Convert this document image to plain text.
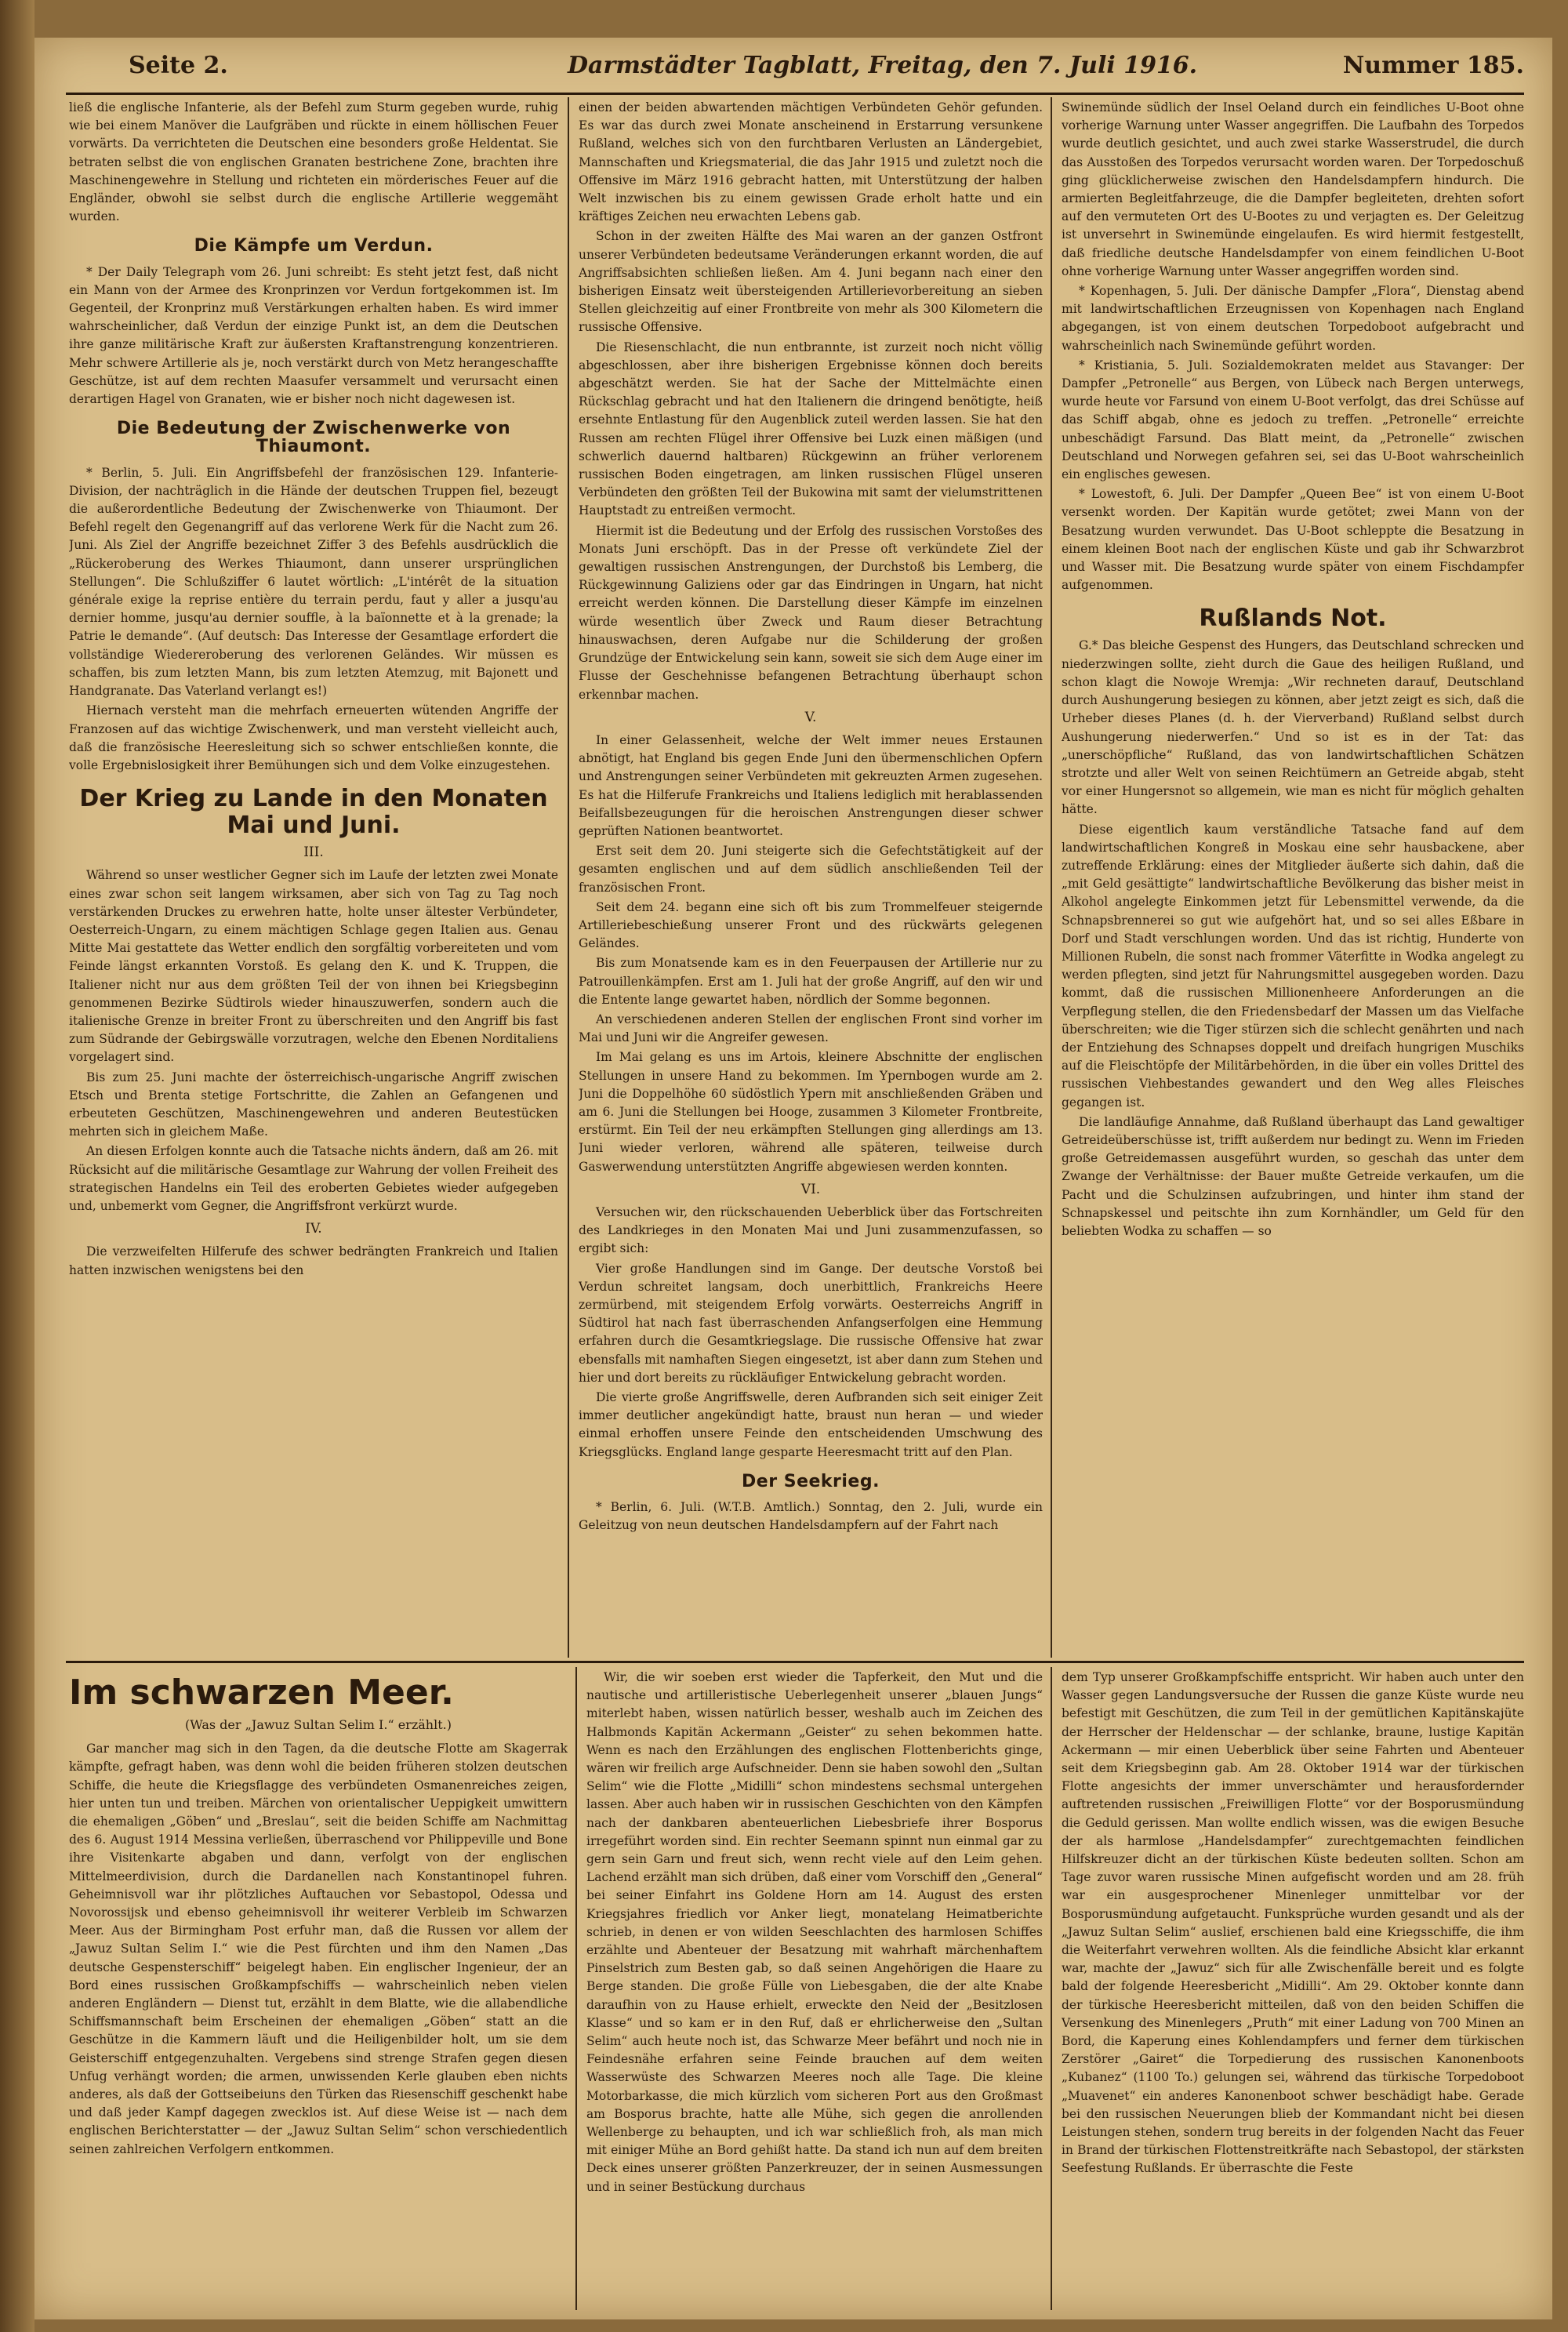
Seite 2.	Darmstädter Tagblatt, Freitag, den 7. Juli 1916.	Nummer 185.

ließ die englische Infanterie, als der Befehl zum Sturm gegeben wurde, ruhig wie bei einem Manöver die Laufgräben und rückte in einem höllischen Feuer vorwärts. Da verrichteten die Deutschen eine besonders große Heldentat. Sie betraten selbst die von englischen Granaten bestrichene Zone, brachten ihre Maschinengewehre in Stellung und richteten ein mörderisches Feuer auf die Engländer, obwohl sie selbst durch die englische Artillerie weggemäht wurden.

Die Kämpfe um Verdun.

* Der Daily Telegraph vom 26. Juni schreibt: Es steht jetzt fest, daß nicht ein Mann von der Armee des Kronprinzen vor Verdun fortgekommen ist. Im Gegenteil, der Kronprinz muß Verstärkungen erhalten haben. Es wird immer wahrscheinlicher, daß Verdun der einzige Punkt ist, an dem die Deutschen ihre ganze militärische Kraft zur äußersten Kraftanstrengung konzentrieren. Mehr schwere Artillerie als je, noch verstärkt durch von Metz herangeschaffte Geschütze, ist auf dem rechten Maasufer versammelt und verursacht einen derartigen Hagel von Granaten, wie er bisher noch nicht dagewesen ist.

Die Bedeutung der Zwischenwerke von Thiaumont.

* Berlin, 5. Juli. Ein Angriffsbefehl der französischen 129. Infanterie-Division, der nachträglich in die Hände der deutschen Truppen fiel, bezeugt die außerordentliche Bedeutung der Zwischenwerke von Thiaumont. Der Befehl regelt den Gegenangriff auf das verlorene Werk für die Nacht zum 26. Juni. Als Ziel der Angriffe bezeichnet Ziffer 3 des Befehls ausdrücklich die „Rückeroberung des Werkes Thiaumont, dann unserer ursprünglichen Stellungen“. Die Schlußziffer 6 lautet wörtlich: „L'intérêt de la situation générale exige la reprise entière du terrain perdu, faut y aller a jusqu'au dernier homme, jusqu'au dernier souffle, à la baïonnette et à la grenade; la Patrie le demande“. (Auf deutsch: Das Interesse der Gesamtlage erfordert die vollständige Wiedereroberung des verlorenen Geländes. Wir müssen es schaffen, bis zum letzten Mann, bis zum letzten Atemzug, mit Bajonett und Handgranate. Das Vaterland verlangt es!)

Hiernach versteht man die mehrfach erneuerten wütenden Angriffe der Franzosen auf das wichtige Zwischenwerk, und man versteht vielleicht auch, daß die französische Heeresleitung sich so schwer entschließen konnte, die volle Ergebnislosigkeit ihrer Bemühungen sich und dem Volke einzugestehen.

Der Krieg zu Lande in den Monaten Mai und Juni.
III.

Während so unser westlicher Gegner sich im Laufe der letzten zwei Monate eines zwar schon seit langem wirksamen, aber sich von Tag zu Tag noch verstärkenden Druckes zu erwehren hatte, holte unser ältester Verbündeter, Oesterreich-Ungarn, zu einem mächtigen Schlage gegen Italien aus. Genau Mitte Mai gestattete das Wetter endlich den sorgfältig vorbereiteten und vom Feinde längst erkannten Vorstoß. Es gelang den K. und K. Truppen, die Italiener nicht nur aus dem größten Teil der von ihnen bei Kriegsbeginn genommenen Bezirke Südtirols wieder hinauszuwerfen, sondern auch die italienische Grenze in breiter Front zu überschreiten und den Angriff bis fast zum Südrande der Gebirgswälle vorzutragen, welche den Ebenen Norditaliens vorgelagert sind.

Bis zum 25. Juni machte der österreichisch-ungarische Angriff zwischen Etsch und Brenta stetige Fortschritte, die Zahlen an Gefangenen und erbeuteten Geschützen, Maschinengewehren und anderen Beutestücken mehrten sich in gleichem Maße.

An diesen Erfolgen konnte auch die Tatsache nichts ändern, daß am 26. mit Rücksicht auf die militärische Gesamtlage zur Wahrung der vollen Freiheit des strategischen Handelns ein Teil des eroberten Gebietes wieder aufgegeben und, unbemerkt vom Gegner, die Angriffsfront verkürzt wurde.

IV.

Die verzweifelten Hilferufe des schwer bedrängten Frankreich und Italien hatten inzwischen wenigstens bei den

einen der beiden abwartenden mächtigen Verbündeten Gehör gefunden. Es war das durch zwei Monate anscheinend in Erstarrung versunkene Rußland, welches sich von den furchtbaren Verlusten an Ländergebiet, Mannschaften und Kriegsmaterial, die das Jahr 1915 und zuletzt noch die Offensive im März 1916 gebracht hatten, mit Unterstützung der halben Welt inzwischen bis zu einem gewissen Grade erholt hatte und ein kräftiges Zeichen neu erwachten Lebens gab.

Schon in der zweiten Hälfte des Mai waren an der ganzen Ostfront unserer Verbündeten bedeutsame Veränderungen erkannt worden, die auf Angriffsabsichten schließen ließen. Am 4. Juni begann nach einer den bisherigen Einsatz weit übersteigenden Artillerievorbereitung an sieben Stellen gleichzeitig auf einer Frontbreite von mehr als 300 Kilometern die russische Offensive.

Die Riesenschlacht, die nun entbrannte, ist zurzeit noch nicht völlig abgeschlossen, aber ihre bisherigen Ergebnisse können doch bereits abgeschätzt werden. Sie hat der Sache der Mittelmächte einen Rückschlag gebracht und hat den Italienern die dringend benötigte, heiß ersehnte Entlastung für den Augenblick zuteil werden lassen. Sie hat den Russen am rechten Flügel ihrer Offensive bei Luzk einen mäßigen (und schwerlich dauernd haltbaren) Rückgewinn an früher verlorenem russischen Boden eingetragen, am linken russischen Flügel unseren Verbündeten den größten Teil der Bukowina mit samt der vielumstrittenen Hauptstadt zu entreißen vermocht.

Hiermit ist die Bedeutung und der Erfolg des russischen Vorstoßes des Monats Juni erschöpft. Das in der Presse oft verkündete Ziel der gewaltigen russischen Anstrengungen, der Durchstoß bis Lemberg, die Rückgewinnung Galiziens oder gar das Eindringen in Ungarn, hat nicht erreicht werden können. Die Darstellung dieser Kämpfe im einzelnen würde wesentlich über Zweck und Raum dieser Betrachtung hinauswachsen, deren Aufgabe nur die Schilderung der großen Grundzüge der Entwickelung sein kann, soweit sie sich dem Auge einer im Flusse der Geschehnisse befangenen Betrachtung überhaupt schon erkennbar machen.

V.

In einer Gelassenheit, welche der Welt immer neues Erstaunen abnötigt, hat England bis gegen Ende Juni den übermenschlichen Opfern und Anstrengungen seiner Verbündeten mit gekreuzten Armen zugesehen. Es hat die Hilferufe Frankreichs und Italiens lediglich mit herablassenden Beifallsbezeugungen für die heroischen Anstrengungen dieser schwer geprüften Nationen beantwortet.

Erst seit dem 20. Juni steigerte sich die Gefechtstätigkeit auf der gesamten englischen und auf dem südlich anschließenden Teil der französischen Front.

Seit dem 24. begann eine sich oft bis zum Trommelfeuer steigernde Artilleriebeschießung unserer Front und des rückwärts gelegenen Geländes.

Bis zum Monatsende kam es in den Feuerpausen der Artillerie nur zu Patrouillenkämpfen. Erst am 1. Juli hat der große Angriff, auf den wir und die Entente lange gewartet haben, nördlich der Somme begonnen.

An verschiedenen anderen Stellen der englischen Front sind vorher im Mai und Juni wir die Angreifer gewesen.

Im Mai gelang es uns im Artois, kleinere Abschnitte der englischen Stellungen in unsere Hand zu bekommen. Im Ypernbogen wurde am 2. Juni die Doppelhöhe 60 südöstlich Ypern mit anschließenden Gräben und am 6. Juni die Stellungen bei Hooge, zusammen 3 Kilometer Frontbreite, erstürmt. Ein Teil der neu erkämpften Stellungen ging allerdings am 13. Juni wieder verloren, während alle späteren, teilweise durch Gaswerwendung unterstützten Angriffe abgewiesen werden konnten.

VI.

Versuchen wir, den rückschauenden Ueberblick über das Fortschreiten des Landkrieges in den Monaten Mai und Juni zusammenzufassen, so ergibt sich:

Vier große Handlungen sind im Gange. Der deutsche Vorstoß bei Verdun schreitet langsam, doch unerbittlich, Frankreichs Heere zermürbend, mit steigendem Erfolg vorwärts. Oesterreichs Angriff in Südtirol hat nach fast überraschenden Anfangserfolgen eine Hemmung erfahren durch die Gesamtkriegslage. Die russische Offensive hat zwar ebensfalls mit namhaften Siegen eingesetzt, ist aber dann zum Stehen und hier und dort bereits zu rückläufiger Entwickelung gebracht worden.

Die vierte große Angriffswelle, deren Aufbranden sich seit einiger Zeit immer deutlicher angekündigt hatte, braust nun heran — und wieder einmal erhoffen unsere Feinde den entscheidenden Umschwung des Kriegsglücks. England lange gesparte Heeresmacht tritt auf den Plan.

Der Seekrieg.

* Berlin, 6. Juli. (W.T.B. Amtlich.) Sonntag, den 2. Juli, wurde ein Geleitzug von neun deutschen Handelsdampfern auf der Fahrt nach

Swinemünde südlich der Insel Oeland durch ein feindliches U-Boot ohne vorherige Warnung unter Wasser angegriffen. Die Laufbahn des Torpedos wurde deutlich gesichtet, und auch zwei starke Wasserstrudel, die durch das Ausstoßen des Torpedos verursacht worden waren. Der Torpedoschuß ging glücklicherweise zwischen den Handelsdampfern hindurch. Die armierten Begleitfahrzeuge, die die Dampfer begleiteten, drehten sofort auf den vermuteten Ort des U-Bootes zu und verjagten es. Der Geleitzug ist unversehrt in Swinemünde eingelaufen. Es wird hiermit festgestellt, daß friedliche deutsche Handelsdampfer von einem feindlichen U-Boot ohne vorherige Warnung unter Wasser angegriffen worden sind.

* Kopenhagen, 5. Juli. Der dänische Dampfer „Flora“, Dienstag abend mit landwirtschaftlichen Erzeugnissen von Kopenhagen nach England abgegangen, ist von einem deutschen Torpedoboot aufgebracht und wahrscheinlich nach Swinemünde geführt worden.

* Kristiania, 5. Juli. Sozialdemokraten meldet aus Stavanger: Der Dampfer „Petronelle“ aus Bergen, von Lübeck nach Bergen unterwegs, wurde heute vor Farsund von einem U-Boot verfolgt, das drei Schüsse auf das Schiff abgab, ohne es jedoch zu treffen. „Petronelle“ erreichte unbeschädigt Farsund. Das Blatt meint, da „Petronelle“ zwischen Deutschland und Norwegen gefahren sei, sei das U-Boot wahrscheinlich ein englisches gewesen.

* Lowestoft, 6. Juli. Der Dampfer „Queen Bee“ ist von einem U-Boot versenkt worden. Der Kapitän wurde getötet; zwei Mann von der Besatzung wurden verwundet. Das U-Boot schleppte die Besatzung in einem kleinen Boot nach der englischen Küste und gab ihr Schwarzbrot und Wasser mit. Die Besatzung wurde später von einem Fischdampfer aufgenommen.

Rußlands Not.

G.* Das bleiche Gespenst des Hungers, das Deutschland schrecken und niederzwingen sollte, zieht durch die Gaue des heiligen Rußland, und schon klagt die Nowoje Wremja: „Wir rechneten darauf, Deutschland durch Aushungerung besiegen zu können, aber jetzt zeigt es sich, daß die Urheber dieses Planes (d. h. der Vierverband) Rußland selbst durch Aushungerung niederwerfen.“ Und so ist es in der Tat: das „unerschöpfliche“ Rußland, das von landwirtschaftlichen Schätzen strotzte und aller Welt von seinen Reichtümern an Getreide abgab, steht vor einer Hungersnot so allgemein, wie man es nicht für möglich gehalten hätte.

Diese eigentlich kaum verständliche Tatsache fand auf dem landwirtschaftlichen Kongreß in Moskau eine sehr hausbackene, aber zutreffende Erklärung: eines der Mitglieder äußerte sich dahin, daß die „mit Geld gesättigte“ landwirtschaftliche Bevölkerung das bisher meist in Alkohol angelegte Einkommen jetzt für Lebensmittel verwende, da die Schnapsbrennerei so gut wie aufgehört hat, und so sei alles Eßbare in Dorf und Stadt verschlungen worden. Und das ist richtig, Hunderte von Millionen Rubeln, die sonst nach frommer Väterfitte in Wodka angelegt zu werden pflegten, sind jetzt für Nahrungsmittel ausgegeben worden. Dazu kommt, daß die russischen Millionenheere Anforderungen an die Verpflegung stellen, die den Friedensbedarf der Massen um das Vielfache überschreiten; wie die Tiger stürzen sich die schlecht genährten und nach der Entziehung des Schnapses doppelt und dreifach hungrigen Muschiks auf die Fleischtöpfe der Militärbehörden, in die über ein volles Drittel des russischen Viehbestandes gewandert und den Weg alles Fleisches gegangen ist.

Die landläufige Annahme, daß Rußland überhaupt das Land gewaltiger Getreideüberschüsse ist, trifft außerdem nur bedingt zu. Wenn im Frieden große Getreidemassen ausgeführt wurden, so geschah das unter dem Zwange der Verhältnisse: der Bauer mußte Getreide verkaufen, um die Pacht und die Schulzinsen aufzubringen, und hinter ihm stand der Schnapskessel und peitschte ihn zum Kornhändler, um Geld für den beliebten Wodka zu schaffen — so

Im schwarzen Meer.
(Was der „Jawuz Sultan Selim I.“ erzählt.)

Gar mancher mag sich in den Tagen, da die deutsche Flotte am Skagerrak kämpfte, gefragt haben, was denn wohl die beiden früheren stolzen deutschen Schiffe, die heute die Kriegsflagge des verbündeten Osmanenreiches zeigen, hier unten tun und treiben. Märchen von orientalischer Ueppigkeit umwittern die ehemaligen „Göben“ und „Breslau“, seit die beiden Schiffe am Nachmittag des 6. August 1914 Messina verließen, überraschend vor Philippeville und Bone ihre Visitenkarte abgaben und dann, verfolgt von der englischen Mittelmeerdivision, durch die Dardanellen nach Konstantinopel fuhren. Geheimnisvoll war ihr plötzliches Auftauchen vor Sebastopol, Odessa und Novorossijsk und ebenso geheimnisvoll ihr weiterer Verbleib im Schwarzen Meer. Aus der Birmingham Post erfuhr man, daß die Russen vor allem der „Jawuz Sultan Selim I.“ wie die Pest fürchten und ihm den Namen „Das deutsche Gespensterschiff“ beigelegt haben. Ein englischer Ingenieur, der an Bord eines russischen Großkampfschiffs — wahrscheinlich neben vielen anderen Engländern — Dienst tut, erzählt in dem Blatte, wie die allabendliche Schiffsmannschaft beim Erscheinen der ehemaligen „Göben“ statt an die Geschütze in die Kammern läuft und die Heiligenbilder holt, um sie dem Geisterschiff entgegenzuhalten. Vergebens sind strenge Strafen gegen diesen Unfug verhängt worden; die armen, unwissenden Kerle glauben eben nichts anderes, als daß der Gottseibeiuns den Türken das Riesenschiff geschenkt habe und daß jeder Kampf dagegen zwecklos ist. Auf diese Weise ist — nach dem englischen Berichterstatter — der „Jawuz Sultan Selim“ schon verschiedentlich seinen zahlreichen Verfolgern entkommen.

Wir, die wir soeben erst wieder die Tapferkeit, den Mut und die nautische und artilleristische Ueberlegenheit unserer „blauen Jungs“ miterlebt haben, wissen natürlich besser, weshalb auch im Zeichen des Halbmonds Kapitän Ackermann „Geister“ zu sehen bekommen hatte. Wenn es nach den Erzählungen des englischen Flottenberichts ginge, wären wir freilich arge Aufschneider. Denn sie haben sowohl den „Sultan Selim“ wie die Flotte „Midilli“ schon mindestens sechsmal untergehen lassen. Aber auch haben wir in russischen Geschichten von den Kämpfen nach der dankbaren abenteuerlichen Liebesbriefe ihrer Bosporus irregeführt worden sind. Ein rechter Seemann spinnt nun einmal gar zu gern sein Garn und freut sich, wenn recht viele auf den Leim gehen. Lachend erzählt man sich drüben, daß einer vom Vorschiff den „General“ bei seiner Einfahrt ins Goldene Horn am 14. August des ersten Kriegsjahres friedlich vor Anker liegt, monatelang Heimatberichte schrieb, in denen er von wilden Seeschlachten des harmlosen Schiffes erzählte und Abenteuer der Besatzung mit wahrhaft märchenhaftem Pinselstrich zum Besten gab, so daß seinen Angehörigen die Haare zu Berge standen. Die große Fülle von Liebesgaben, die der alte Knabe daraufhin von zu Hause erhielt, erweckte den Neid der „Besitzlosen Klasse“ und so kam er in den Ruf, daß er ehrlicherweise den „Sultan Selim“ auch heute noch ist, das Schwarze Meer befährt und noch nie in Feindesnähe erfahren seine Feinde brauchen auf dem weiten Wasserwüste des Schwarzen Meeres noch alle Tage. Die kleine Motorbarkasse, die mich kürzlich vom sicheren Port aus den Großmast am Bosporus brachte, hatte alle Mühe, sich gegen die anrollenden Wellenberge zu behaupten, und ich war schließlich froh, als man mich mit einiger Mühe an Bord gehißt hatte. Da stand ich nun auf dem breiten Deck eines unserer größten Panzerkreuzer, der in seinen Ausmessungen und in seiner Bestückung durchaus

dem Typ unserer Großkampfschiffe entspricht. Wir haben auch unter den Wasser gegen Landungsversuche der Russen die ganze Küste wurde neu befestigt mit Geschützen, die zum Teil in der gemütlichen Kapitänskajüte der Herrscher der Heldenschar — der schlanke, braune, lustige Kapitän Ackermann — mir einen Ueberblick über seine Fahrten und Abenteuer seit dem Kriegsbeginn gab. Am 28. Oktober 1914 war der türkischen Flotte angesichts der immer unverschämter und herausfordernder auftretenden russischen „Freiwilligen Flotte“ vor der Bosporusmündung die Geduld gerissen. Man wollte endlich wissen, was die ewigen Besuche der als harmlose „Handelsdampfer“ zurechtgemachten feindlichen Hilfskreuzer dicht an der türkischen Küste bedeuten sollten. Schon am Tage zuvor waren russische Minen aufgefischt worden und am 28. früh war ein ausgesprochener Minenleger unmittelbar vor der Bosporusmündung aufgetaucht. Funksprüche wurden gesandt und als der „Jawuz Sultan Selim“ auslief, erschienen bald eine Kriegsschiffe, die ihm die Weiterfahrt verwehren wollten. Als die feindliche Absicht klar erkannt war, machte der „Jawuz“ sich für alle Zwischenfälle bereit und es folgte bald der folgende Heeresbericht „Midilli“. Am 29. Oktober konnte dann der türkische Heeresbericht mitteilen, daß von den beiden Schiffen die Versenkung des Minenlegers „Pruth“ mit einer Ladung von 700 Minen an Bord, die Kaperung eines Kohlendampfers und ferner dem türkischen Zerstörer „Gairet“ die Torpedierung des russischen Kanonenboots „Kubanez“ (1100 To.) gelungen sei, während das türkische Torpedoboot „Muavenet“ ein anderes Kanonenboot schwer beschädigt habe. Gerade bei den russischen Neuerungen blieb der Kommandant nicht bei diesen Leistungen stehen, sondern trug bereits in der folgenden Nacht das Feuer in Brand der türkischen Flottenstreitkräfte nach Sebastopol, der stärksten Seefestung Rußlands. Er überraschte die Feste
